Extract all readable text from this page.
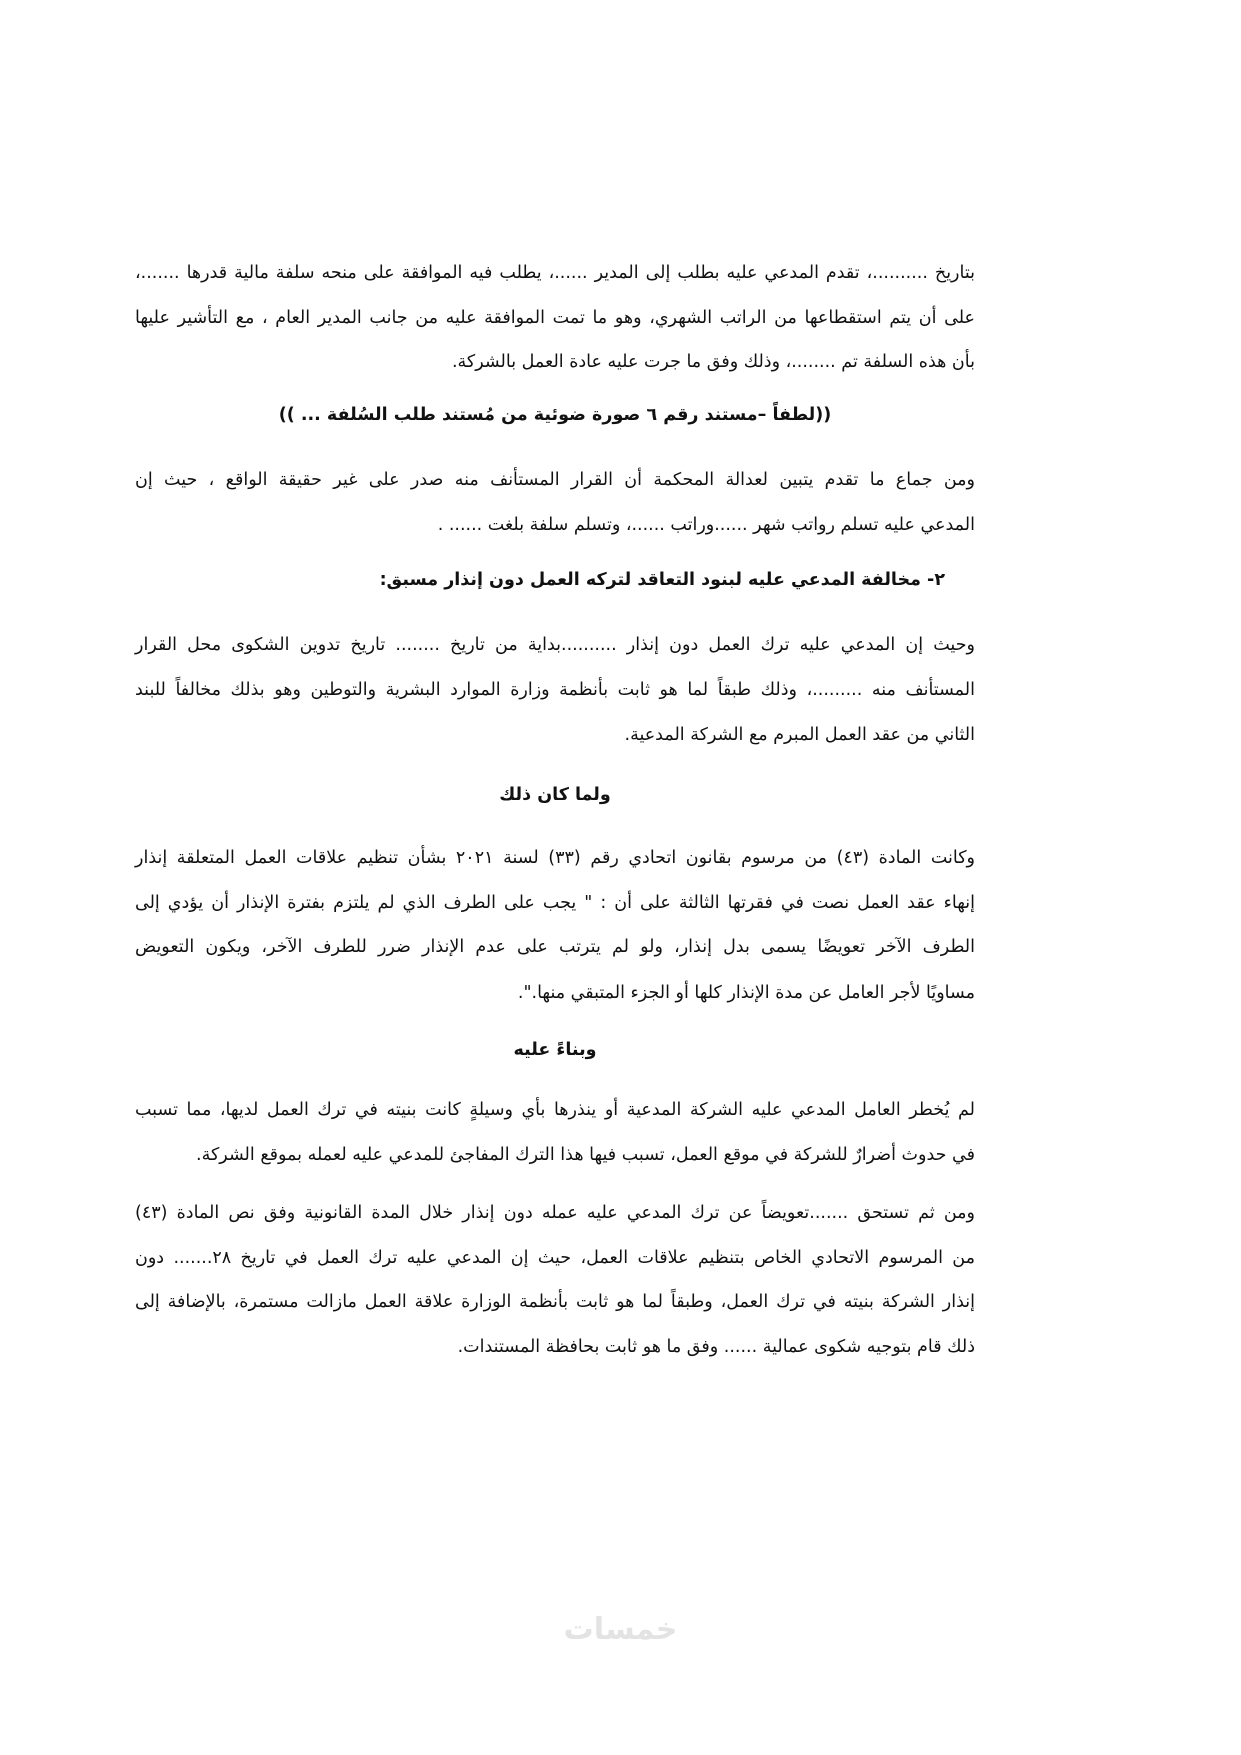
بتاريخ ..........، تقدم المدعي عليه بطلب إلى المدير ......، يطلب فيه الموافقة على منحه سلفة مالية قدرها .......،
على أن يتم استقطاعها من الراتب الشهري، وهو ما تمت الموافقة عليه من جانب المدير العام ، مع التأشير عليها
بأن هذه السلفة تم ........، وذلك وفق ما جرت عليه عادة العمل بالشركة.
((لطفاً –مستند رقم ٦ صورة ضوئية من مُستند طلب السُلفة ... ))
ومن جماع ما تقدم يتبين لعدالة المحكمة أن القرار المستأنف منه صدر على غير حقيقة الواقع ، حيث إن
المدعي عليه تسلم رواتب شهر ......وراتب ......، وتسلم سلفة بلغت ...... .
٢- مخالفة المدعي عليه لبنود التعاقد لتركه العمل دون إنذار مسبق:
وحيث إن المدعي عليه ترك العمل دون إنذار ..........بداية من تاريخ ........ تاريخ تدوين الشكوى محل القرار
المستأنف منه .........، وذلك طبقاً لما هو ثابت بأنظمة وزارة الموارد البشرية والتوطين وهو بذلك مخالفاً للبند
الثاني من عقد العمل المبرم مع الشركة المدعية.
ولما كان ذلك
وكانت المادة (٤٣) من مرسوم بقانون اتحادي رقم (٣٣) لسنة ٢٠٢١ بشأن تنظيم علاقات العمل المتعلقة إنذار
إنهاء عقد العمل نصت في فقرتها الثالثة على أن : " يجب على الطرف الذي لم يلتزم بفترة الإنذار أن يؤدي إلى
الطرف الآخر تعويضًا يسمى بدل إنذار، ولو لم يترتب على عدم الإنذار ضرر للطرف الآخر، ويكون التعويض
مساويًا لأجر العامل عن مدة الإنذار كلها أو الجزء المتبقي منها.".
وبناءً عليه
لم يُخطر العامل المدعي عليه الشركة المدعية أو ينذرها بأي وسيلةٍ كانت بنيته في ترك العمل لديها، مما تسبب
في حدوث أضرارٌ للشركة في موقع العمل، تسبب فيها هذا الترك المفاجئ للمدعي عليه لعمله بموقع الشركة.
ومن ثم تستحق .......تعويضاً عن ترك المدعي عليه عمله دون إنذار خلال المدة القانونية وفق نص المادة (٤٣)
من المرسوم الاتحادي الخاص بتنظيم علاقات العمل، حيث إن المدعي عليه ترك العمل في تاريخ ٢٨....... دون
إنذار الشركة بنيته في ترك العمل، وطبقاً لما هو ثابت بأنظمة الوزارة علاقة العمل مازالت مستمرة، بالإضافة إلى
ذلك قام بتوجيه شكوى عمالية ...... وفق ما هو ثابت بحافظة المستندات.
خمسات
